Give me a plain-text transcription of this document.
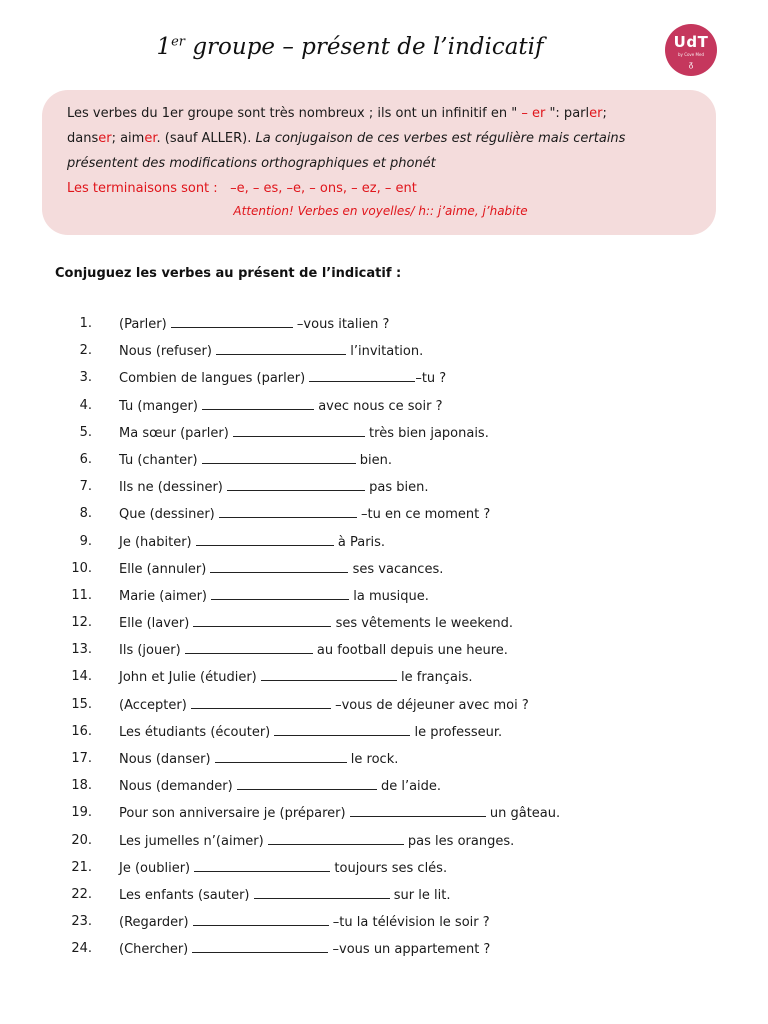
1er groupe – présent de l’indicatif	UdT
by Cove Med
ᵹ
Les verbes du 1er groupe sont très nombreux ; ils ont un infinitif en " – er ": parler;
danser; aimer. (sauf ALLER). La conjugaison de ces verbes est régulière mais certains
présentent des modifications orthographiques et phonét
Les terminaisons sont : –e, – es, –e, – ons, – ez, – ent
Attention! Verbes en voyelles/ h:: j’aime, j’habite
Conjuguez les verbes au présent de l’indicatif :
1. (Parler)	–vous italien ?
2. Nous (refuser)	l’invitation.
3. Combien de langues (parler)	–tu ?
4. Tu (manger)	avec nous ce soir ?
5. Ma sœur (parler)	très bien japonais.
6. Tu (chanter)	bien.
7. Ils ne (dessiner)	pas bien.
8. Que (dessiner)	–tu en ce moment ?
9. Je (habiter)	à Paris.
10. Elle (annuler)	ses vacances.
11. Marie (aimer)	la musique.
12. Elle (laver)	ses vêtements le weekend.
13. Ils (jouer)	au football depuis une heure.
14. John et Julie (étudier)	le français.
15. (Accepter)	–vous de déjeuner avec moi ?
16. Les étudiants (écouter)	le professeur.
17. Nous (danser)	le rock.
18. Nous (demander)	de l’aide.
19. Pour son anniversaire je (préparer)	un gâteau.
20. Les jumelles n’(aimer)	pas les oranges.
21. Je (oublier)	toujours ses clés.
22. Les enfants (sauter)	sur le lit.
23. (Regarder)	–tu la télévision le soir ?
24. (Chercher)	–vous un appartement ?
